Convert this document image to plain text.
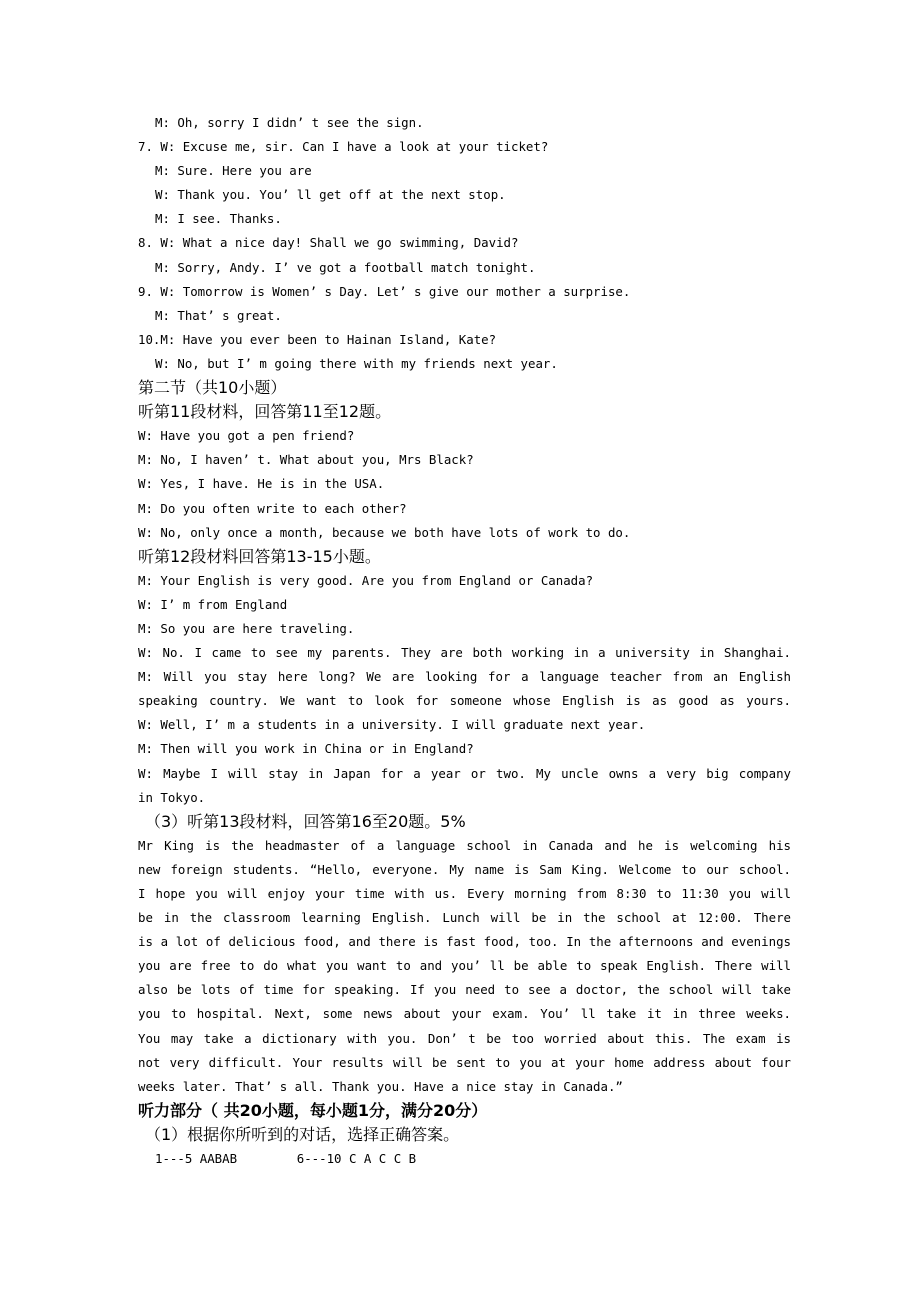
M: Oh, sorry I didn’ t see the sign.
7. W: Excuse me, sir. Can I have a look at your ticket?
M: Sure. Here you are
W: Thank you. You’ ll get off at the next stop.
M: I see. Thanks.
8. W: What a nice day! Shall we go swimming, David?
M: Sorry, Andy. I’ ve got a football match tonight.
9. W: Tomorrow is Women’ s Day. Let’ s give our mother a surprise.
M: That’ s great.
10.M: Have you ever been to Hainan Island, Kate?
W: No, but I’ m going there with my friends next year.
第二节（共10小题）
听第11段材料，回答第11至12题。
W: Have you got a pen friend?
M: No, I haven’ t. What about you, Mrs Black?
W: Yes, I have. He is in the USA.
M: Do you often write to each other?
W: No, only once a month, because we both have lots of work to do.
听第12段材料回答第13-15小题。
M: Your English is very good. Are you from England or Canada?
W: I’ m from England
M: So you are here traveling.
W: No. I came to see my parents. They are both working in a university in Shanghai.
M: Will you stay here long? We are looking for a language teacher from an English
speaking country. We want to look for someone whose English is as good as yours.
W: Well, I’ m a students in a university. I will graduate next year.
M: Then will you work in China or in England?
W: Maybe I will stay in Japan for a year or two. My uncle owns a very big company
in Tokyo.
（3）听第13段材料，回答第16至20题。5%
Mr King is the headmaster of a language school in Canada and he is welcoming his
new foreign students. “Hello, everyone. My name is Sam King. Welcome to our school.
I hope you will enjoy your time with us. Every morning from 8:30 to 11:30 you will
be in the classroom learning English. Lunch will be in the school at 12:00. There
is a lot of delicious food, and there is fast food, too. In the afternoons and evenings
you are free to do what you want to and you’ ll be able to speak English. There will
also be lots of time for speaking. If you need to see a doctor, the school will take
you to hospital. Next, some news about your exam. You’ ll take it in three weeks.
You may take a dictionary with you. Don’ t be too worried about this. The exam is
not very difficult. Your results will be sent to you at your home address about four
weeks later. That’ s all. Thank you. Have a nice stay in Canada.”
听力部分（ 共20小题，每小题1分，满分20分）
（1）根据你所听到的对话，选择正确答案。
1---5 AABAB        6---10 C A C C B
